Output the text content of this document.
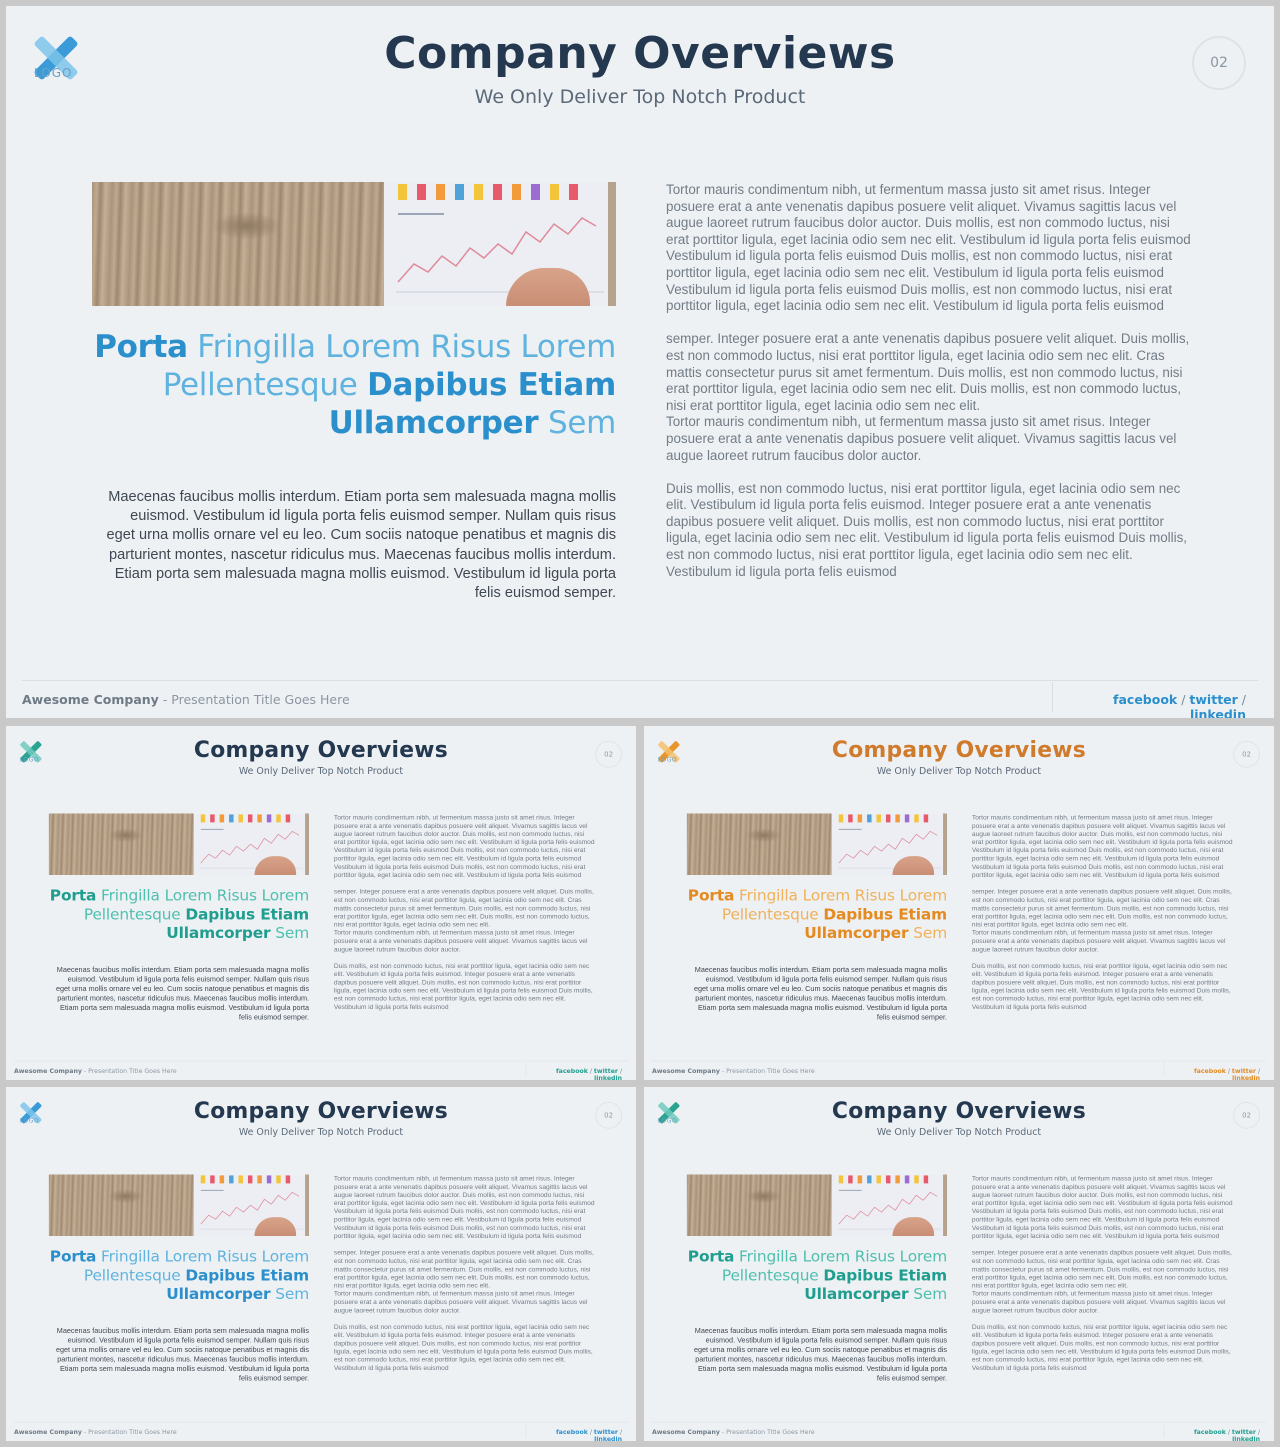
LOGO	Company Overviews
We Only Deliver Top Notch Product
02
Porta Fringilla Lorem Risus Lorem Pellentesque Dapibus Etiam Ullamcorper Sem
Maecenas faucibus mollis interdum. Etiam porta sem malesuada magna mollis euismod. Vestibulum id ligula porta felis euismod semper. Nullam quis risus eget urna mollis ornare vel eu leo. Cum sociis natoque penatibus et magnis dis parturient montes, nascetur ridiculus mus. Maecenas faucibus mollis interdum. Etiam porta sem malesuada magna mollis euismod. Vestibulum id ligula porta felis euismod semper.

Tortor mauris condimentum nibh, ut fermentum massa justo sit amet risus. Integer posuere erat a ante venenatis dapibus posuere velit aliquet. Vivamus sagittis lacus vel augue laoreet rutrum faucibus dolor auctor. Duis mollis, est non commodo luctus, nisi erat porttitor ligula, eget lacinia odio sem nec elit. Vestibulum id ligula porta felis euismod Vestibulum id ligula porta felis euismod Duis mollis, est non commodo luctus, nisi erat porttitor ligula, eget lacinia odio sem nec elit. Vestibulum id ligula porta felis euismod Vestibulum id ligula porta felis euismod Duis mollis, est non commodo luctus, nisi erat porttitor ligula, eget lacinia odio sem nec elit. Vestibulum id ligula porta felis euismod

semper. Integer posuere erat a ante venenatis dapibus posuere velit aliquet. Duis mollis, est non commodo luctus, nisi erat porttitor ligula, eget lacinia odio sem nec elit. Cras mattis consectetur purus sit amet fermentum. Duis mollis, est non commodo luctus, nisi erat porttitor ligula, eget lacinia odio sem nec elit. Duis mollis, est non commodo luctus, nisi erat porttitor ligula, eget lacinia odio sem nec elit.

Tortor mauris condimentum nibh, ut fermentum massa justo sit amet risus. Integer posuere erat a ante venenatis dapibus posuere velit aliquet. Vivamus sagittis lacus vel augue laoreet rutrum faucibus dolor auctor.

Duis mollis, est non commodo luctus, nisi erat porttitor ligula, eget lacinia odio sem nec elit. Vestibulum id ligula porta felis euismod. Integer posuere erat a ante venenatis dapibus posuere velit aliquet. Duis mollis, est non commodo luctus, nisi erat porttitor ligula, eget lacinia odio sem nec elit. Vestibulum id ligula porta felis euismod Duis mollis, est non commodo luctus, nisi erat porttitor ligula, eget lacinia odio sem nec elit. Vestibulum id ligula porta felis euismod

Awesome Company - Presentation Title Goes Here	facebook / twitter / linkedin
LOGO	Company Overviews
We Only Deliver Top Notch Product
02
Porta Fringilla Lorem Risus Lorem Pellentesque Dapibus Etiam Ullamcorper Sem
Maecenas faucibus mollis interdum. Etiam porta sem malesuada magna mollis euismod. Vestibulum id ligula porta felis euismod semper. Nullam quis risus eget urna mollis ornare vel eu leo. Cum sociis natoque penatibus et magnis dis parturient montes, nascetur ridiculus mus. Maecenas faucibus mollis interdum. Etiam porta sem malesuada magna mollis euismod. Vestibulum id ligula porta felis euismod semper.

Tortor mauris condimentum nibh, ut fermentum massa justo sit amet risus. Integer posuere erat a ante venenatis dapibus posuere velit aliquet. Vivamus sagittis lacus vel augue laoreet rutrum faucibus dolor auctor. Duis mollis, est non commodo luctus, nisi erat porttitor ligula, eget lacinia odio sem nec elit. Vestibulum id ligula porta felis euismod Vestibulum id ligula porta felis euismod Duis mollis, est non commodo luctus, nisi erat porttitor ligula, eget lacinia odio sem nec elit. Vestibulum id ligula porta felis euismod Vestibulum id ligula porta felis euismod Duis mollis, est non commodo luctus, nisi erat porttitor ligula, eget lacinia odio sem nec elit. Vestibulum id ligula porta felis euismod

semper. Integer posuere erat a ante venenatis dapibus posuere velit aliquet. Duis mollis, est non commodo luctus, nisi erat porttitor ligula, eget lacinia odio sem nec elit. Cras mattis consectetur purus sit amet fermentum. Duis mollis, est non commodo luctus, nisi erat porttitor ligula, eget lacinia odio sem nec elit. Duis mollis, est non commodo luctus, nisi erat porttitor ligula, eget lacinia odio sem nec elit.

Tortor mauris condimentum nibh, ut fermentum massa justo sit amet risus. Integer posuere erat a ante venenatis dapibus posuere velit aliquet. Vivamus sagittis lacus vel augue laoreet rutrum faucibus dolor auctor.

Duis mollis, est non commodo luctus, nisi erat porttitor ligula, eget lacinia odio sem nec elit. Vestibulum id ligula porta felis euismod. Integer posuere erat a ante venenatis dapibus posuere velit aliquet. Duis mollis, est non commodo luctus, nisi erat porttitor ligula, eget lacinia odio sem nec elit. Vestibulum id ligula porta felis euismod Duis mollis, est non commodo luctus, nisi erat porttitor ligula, eget lacinia odio sem nec elit. Vestibulum id ligula porta felis euismod

Awesome Company - Presentation Title Goes Here	facebook / twitter / linkedin
LOGO	Company Overviews
We Only Deliver Top Notch Product
02
Porta Fringilla Lorem Risus Lorem Pellentesque Dapibus Etiam Ullamcorper Sem
Maecenas faucibus mollis interdum. Etiam porta sem malesuada magna mollis euismod. Vestibulum id ligula porta felis euismod semper. Nullam quis risus eget urna mollis ornare vel eu leo. Cum sociis natoque penatibus et magnis dis parturient montes, nascetur ridiculus mus. Maecenas faucibus mollis interdum. Etiam porta sem malesuada magna mollis euismod. Vestibulum id ligula porta felis euismod semper.

Tortor mauris condimentum nibh, ut fermentum massa justo sit amet risus. Integer posuere erat a ante venenatis dapibus posuere velit aliquet. Vivamus sagittis lacus vel augue laoreet rutrum faucibus dolor auctor. Duis mollis, est non commodo luctus, nisi erat porttitor ligula, eget lacinia odio sem nec elit. Vestibulum id ligula porta felis euismod Vestibulum id ligula porta felis euismod Duis mollis, est non commodo luctus, nisi erat porttitor ligula, eget lacinia odio sem nec elit. Vestibulum id ligula porta felis euismod Vestibulum id ligula porta felis euismod Duis mollis, est non commodo luctus, nisi erat porttitor ligula, eget lacinia odio sem nec elit. Vestibulum id ligula porta felis euismod

semper. Integer posuere erat a ante venenatis dapibus posuere velit aliquet. Duis mollis, est non commodo luctus, nisi erat porttitor ligula, eget lacinia odio sem nec elit. Cras mattis consectetur purus sit amet fermentum. Duis mollis, est non commodo luctus, nisi erat porttitor ligula, eget lacinia odio sem nec elit. Duis mollis, est non commodo luctus, nisi erat porttitor ligula, eget lacinia odio sem nec elit.

Tortor mauris condimentum nibh, ut fermentum massa justo sit amet risus. Integer posuere erat a ante venenatis dapibus posuere velit aliquet. Vivamus sagittis lacus vel augue laoreet rutrum faucibus dolor auctor.

Duis mollis, est non commodo luctus, nisi erat porttitor ligula, eget lacinia odio sem nec elit. Vestibulum id ligula porta felis euismod. Integer posuere erat a ante venenatis dapibus posuere velit aliquet. Duis mollis, est non commodo luctus, nisi erat porttitor ligula, eget lacinia odio sem nec elit. Vestibulum id ligula porta felis euismod Duis mollis, est non commodo luctus, nisi erat porttitor ligula, eget lacinia odio sem nec elit. Vestibulum id ligula porta felis euismod

Awesome Company - Presentation Title Goes Here	facebook / twitter / linkedin
LOGO	Company Overviews
We Only Deliver Top Notch Product
02
Porta Fringilla Lorem Risus Lorem Pellentesque Dapibus Etiam Ullamcorper Sem
Maecenas faucibus mollis interdum. Etiam porta sem malesuada magna mollis euismod. Vestibulum id ligula porta felis euismod semper. Nullam quis risus eget urna mollis ornare vel eu leo. Cum sociis natoque penatibus et magnis dis parturient montes, nascetur ridiculus mus. Maecenas faucibus mollis interdum. Etiam porta sem malesuada magna mollis euismod. Vestibulum id ligula porta felis euismod semper.

Tortor mauris condimentum nibh, ut fermentum massa justo sit amet risus. Integer posuere erat a ante venenatis dapibus posuere velit aliquet. Vivamus sagittis lacus vel augue laoreet rutrum faucibus dolor auctor. Duis mollis, est non commodo luctus, nisi erat porttitor ligula, eget lacinia odio sem nec elit. Vestibulum id ligula porta felis euismod Vestibulum id ligula porta felis euismod Duis mollis, est non commodo luctus, nisi erat porttitor ligula, eget lacinia odio sem nec elit. Vestibulum id ligula porta felis euismod Vestibulum id ligula porta felis euismod Duis mollis, est non commodo luctus, nisi erat porttitor ligula, eget lacinia odio sem nec elit. Vestibulum id ligula porta felis euismod

semper. Integer posuere erat a ante venenatis dapibus posuere velit aliquet. Duis mollis, est non commodo luctus, nisi erat porttitor ligula, eget lacinia odio sem nec elit. Cras mattis consectetur purus sit amet fermentum. Duis mollis, est non commodo luctus, nisi erat porttitor ligula, eget lacinia odio sem nec elit. Duis mollis, est non commodo luctus, nisi erat porttitor ligula, eget lacinia odio sem nec elit.

Tortor mauris condimentum nibh, ut fermentum massa justo sit amet risus. Integer posuere erat a ante venenatis dapibus posuere velit aliquet. Vivamus sagittis lacus vel augue laoreet rutrum faucibus dolor auctor.

Duis mollis, est non commodo luctus, nisi erat porttitor ligula, eget lacinia odio sem nec elit. Vestibulum id ligula porta felis euismod. Integer posuere erat a ante venenatis dapibus posuere velit aliquet. Duis mollis, est non commodo luctus, nisi erat porttitor ligula, eget lacinia odio sem nec elit. Vestibulum id ligula porta felis euismod Duis mollis, est non commodo luctus, nisi erat porttitor ligula, eget lacinia odio sem nec elit. Vestibulum id ligula porta felis euismod

Awesome Company - Presentation Title Goes Here	facebook / twitter / linkedin
LOGO	Company Overviews
We Only Deliver Top Notch Product
02
Porta Fringilla Lorem Risus Lorem Pellentesque Dapibus Etiam Ullamcorper Sem
Maecenas faucibus mollis interdum. Etiam porta sem malesuada magna mollis euismod. Vestibulum id ligula porta felis euismod semper. Nullam quis risus eget urna mollis ornare vel eu leo. Cum sociis natoque penatibus et magnis dis parturient montes, nascetur ridiculus mus. Maecenas faucibus mollis interdum. Etiam porta sem malesuada magna mollis euismod. Vestibulum id ligula porta felis euismod semper.

Tortor mauris condimentum nibh, ut fermentum massa justo sit amet risus. Integer posuere erat a ante venenatis dapibus posuere velit aliquet. Vivamus sagittis lacus vel augue laoreet rutrum faucibus dolor auctor. Duis mollis, est non commodo luctus, nisi erat porttitor ligula, eget lacinia odio sem nec elit. Vestibulum id ligula porta felis euismod Vestibulum id ligula porta felis euismod Duis mollis, est non commodo luctus, nisi erat porttitor ligula, eget lacinia odio sem nec elit. Vestibulum id ligula porta felis euismod Vestibulum id ligula porta felis euismod Duis mollis, est non commodo luctus, nisi erat porttitor ligula, eget lacinia odio sem nec elit. Vestibulum id ligula porta felis euismod

semper. Integer posuere erat a ante venenatis dapibus posuere velit aliquet. Duis mollis, est non commodo luctus, nisi erat porttitor ligula, eget lacinia odio sem nec elit. Cras mattis consectetur purus sit amet fermentum. Duis mollis, est non commodo luctus, nisi erat porttitor ligula, eget lacinia odio sem nec elit. Duis mollis, est non commodo luctus, nisi erat porttitor ligula, eget lacinia odio sem nec elit.

Tortor mauris condimentum nibh, ut fermentum massa justo sit amet risus. Integer posuere erat a ante venenatis dapibus posuere velit aliquet. Vivamus sagittis lacus vel augue laoreet rutrum faucibus dolor auctor.

Duis mollis, est non commodo luctus, nisi erat porttitor ligula, eget lacinia odio sem nec elit. Vestibulum id ligula porta felis euismod. Integer posuere erat a ante venenatis dapibus posuere velit aliquet. Duis mollis, est non commodo luctus, nisi erat porttitor ligula, eget lacinia odio sem nec elit. Vestibulum id ligula porta felis euismod Duis mollis, est non commodo luctus, nisi erat porttitor ligula, eget lacinia odio sem nec elit. Vestibulum id ligula porta felis euismod

Awesome Company - Presentation Title Goes Here	facebook / twitter / linkedin
